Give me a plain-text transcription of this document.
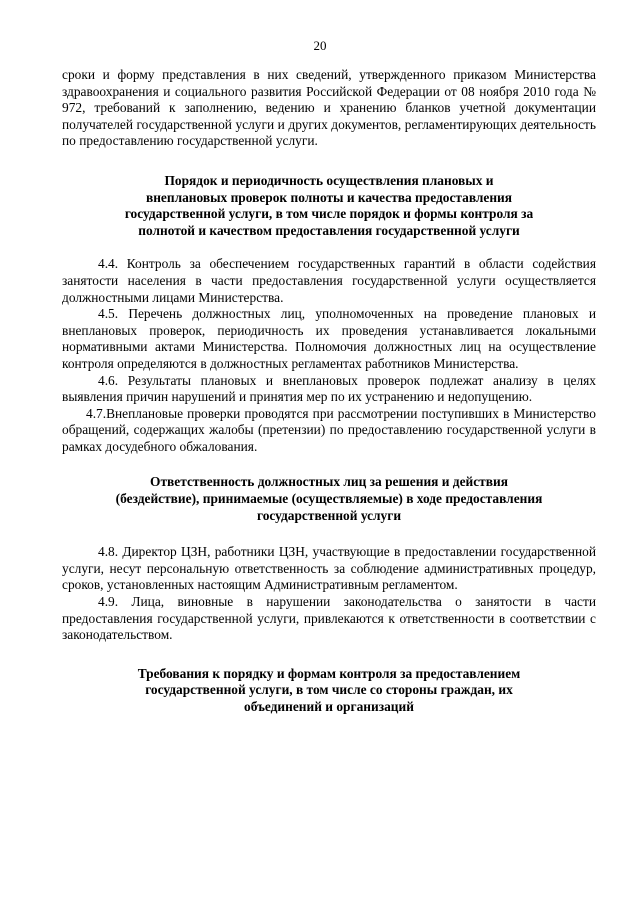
20

сроки и форму представления в них сведений, утвержденного приказом Министерства здравоохранения и социального развития Российской Федерации от 08 ноября 2010 года № 972, требований к заполнению, ведению и хранению бланков учетной документации получателей государственной услуги и других документов, регламентирующих деятельность по предоставлению государственной услуги.

Порядок и периодичность осуществления плановых и
внеплановых проверок полноты и качества предоставления
государственной услуги, в том числе порядок и формы контроля за
полнотой и качеством предоставления государственной услуги

4.4. Контроль за обеспечением государственных гарантий в области содействия занятости населения в части предоставления государственной услуги осуществляется должностными лицами Министерства.

4.5. Перечень должностных лиц, уполномоченных на проведение плановых и внеплановых проверок, периодичность их проведения устанавливается локальными нормативными актами Министерства. Полномочия должностных лиц на осуществление контроля определяются в должностных регламентах работников Министерства.

4.6. Результаты плановых и внеплановых проверок подлежат анализу в целях выявления причин нарушений и принятия мер по их устранению и недопущению.

4.7.Внеплановые проверки проводятся при рассмотрении поступивших в Министерство обращений, содержащих жалобы (претензии) по предоставлению государственной услуги в рамках досудебного обжалования.

Ответственность должностных лиц за решения и действия
(бездействие), принимаемые (осуществляемые) в ходе предоставления
государственной услуги

4.8. Директор ЦЗН, работники ЦЗН, участвующие в предоставлении государственной услуги, несут персональную ответственность за соблюдение административных процедур, сроков, установленных настоящим Административным регламентом.

4.9. Лица, виновные в нарушении законодательства о занятости в части предоставления государственной услуги, привлекаются к ответственности в соответствии с законодательством.

Требования к порядку и формам контроля за предоставлением
государственной услуги, в том числе со стороны граждан, их
объединений и организаций
